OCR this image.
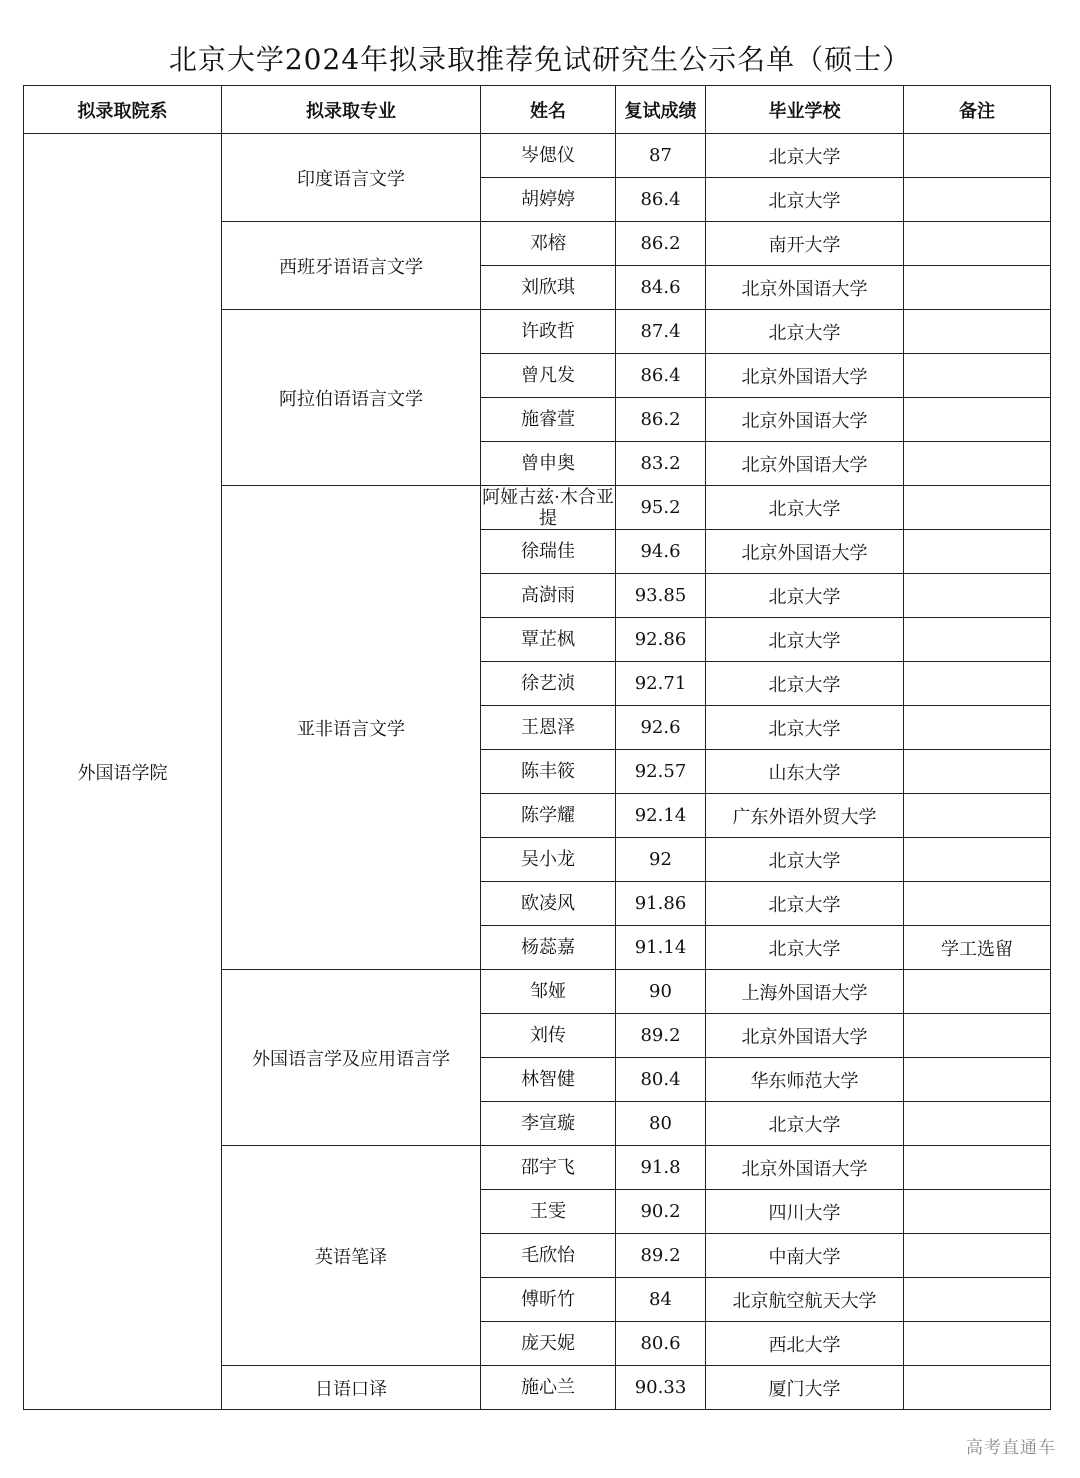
北京大学2024年拟录取推荐免试研究生公示名单（硕士）
拟录取院系	拟录取专业	姓名	复试成绩	毕业学校	备注
外国语学院	印度语言文学	岑偲仪	87	北京大学	
		胡婷婷	86.4	北京大学	
	西班牙语语言文学	邓榕	86.2	南开大学	
		刘欣琪	84.6	北京外国语大学	
	阿拉伯语语言文学	许政哲	87.4	北京大学	
		曾凡发	86.4	北京外国语大学	
		施睿萱	86.2	北京外国语大学	
		曾申奥	83.2	北京外国语大学	
	亚非语言文学	阿娅古兹·木合亚提	95.2	北京大学	
		徐瑞佳	94.6	北京外国语大学	
		高澍雨	93.85	北京大学	
		覃芷枫	92.86	北京大学	
		徐艺浈	92.71	北京大学	
		王恩泽	92.6	北京大学	
		陈丰筱	92.57	山东大学	
		陈学耀	92.14	广东外语外贸大学	
		吴小龙	92	北京大学	
		欧凌风	91.86	北京大学	
		杨蕊嘉	91.14	北京大学	学工选留
	外国语言学及应用语言学	邹娅	90	上海外国语大学	
		刘传	89.2	北京外国语大学	
		林智健	80.4	华东师范大学	
		李宣璇	80	北京大学	
	英语笔译	邵宇飞	91.8	北京外国语大学	
		王雯	90.2	四川大学	
		毛欣怡	89.2	中南大学	
		傅昕竹	84	北京航空航天大学	
		庞天妮	80.6	西北大学	
	日语口译	施心兰	90.33	厦门大学	
高考直通车
